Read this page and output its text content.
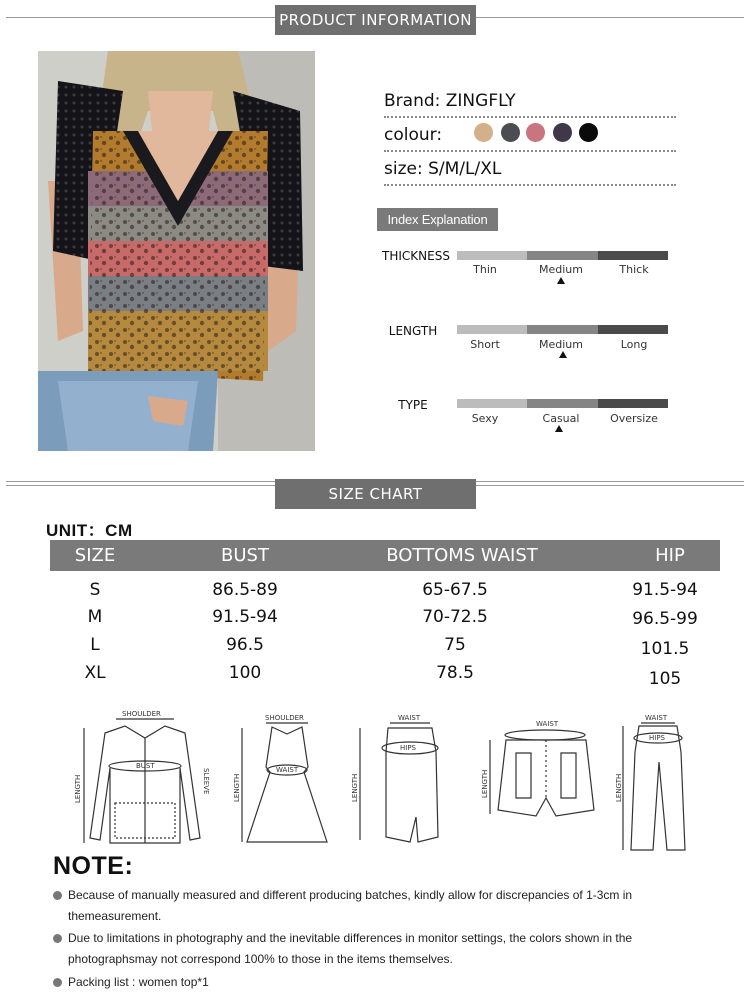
PRODUCT INFORMATION
Brand: ZINGFLY
colour:
size: S/M/L/XL
Index Explanation
THICKNESS
Thin	Medium	Thick
LENGTH
Short	Medium	Long
TYPE
Sexy	Casual	Oversize
SIZE CHART
UNIT：CM
SIZE	BUST	BOTTOMS WAIST	HIP
S	86.5-89	65-67.5	91.5-94
M	91.5-94	70-72.5	96.5-99
L	96.5	75	101.5
XL	100	78.5	105
SHOULDER
BUST
LENGTH	SLEEVE
SHOULDER
WAIST
LENGTH
WAIST
HIPS
LENGTH
WAIST
LENGTH
WAIST
HIPS
LENGTH
NOTE:
Because of manually measured and different producing batches, kindly allow for discrepancies of 1-3cm in themeasurement.
Due to limitations in photography and the inevitable differences in monitor settings, the colors shown in the photographsmay not correspond 100% to those in the items themselves.
Packing list : women top*1
